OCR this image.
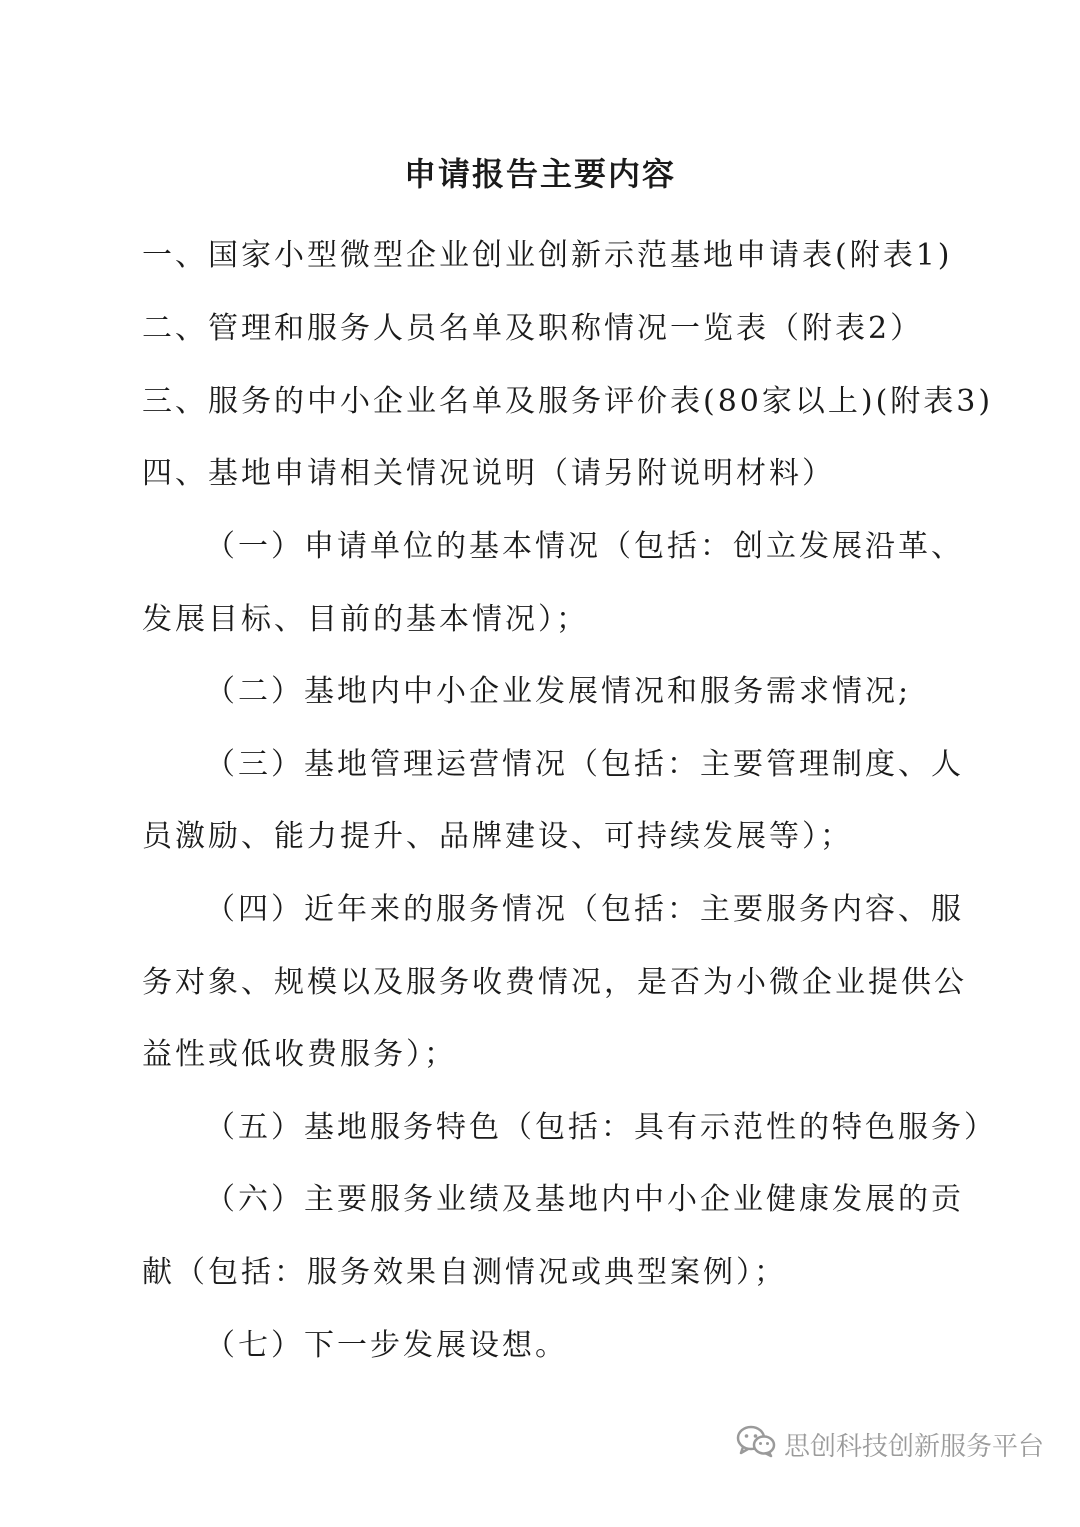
申请报告主要内容
一、国家小型微型企业创业创新示范基地申请表(附表1)
二、管理和服务人员名单及职称情况一览表（附表2）
三、服务的中小企业名单及服务评价表(80家以上)(附表3)
四、基地申请相关情况说明（请另附说明材料）
（一）申请单位的基本情况（包括：创立发展沿革、
发展目标、目前的基本情况）；
（二）基地内中小企业发展情况和服务需求情况;
（三）基地管理运营情况（包括：主要管理制度、人
员激励、能力提升、品牌建设、可持续发展等）；
（四）近年来的服务情况（包括：主要服务内容、服
务对象、规模以及服务收费情况，是否为小微企业提供公
益性或低收费服务）；
（五）基地服务特色（包括：具有示范性的特色服务）
（六）主要服务业绩及基地内中小企业健康发展的贡
献（包括：服务效果自测情况或典型案例）；
（七）下一步发展设想。
思创科技创新服务平台
